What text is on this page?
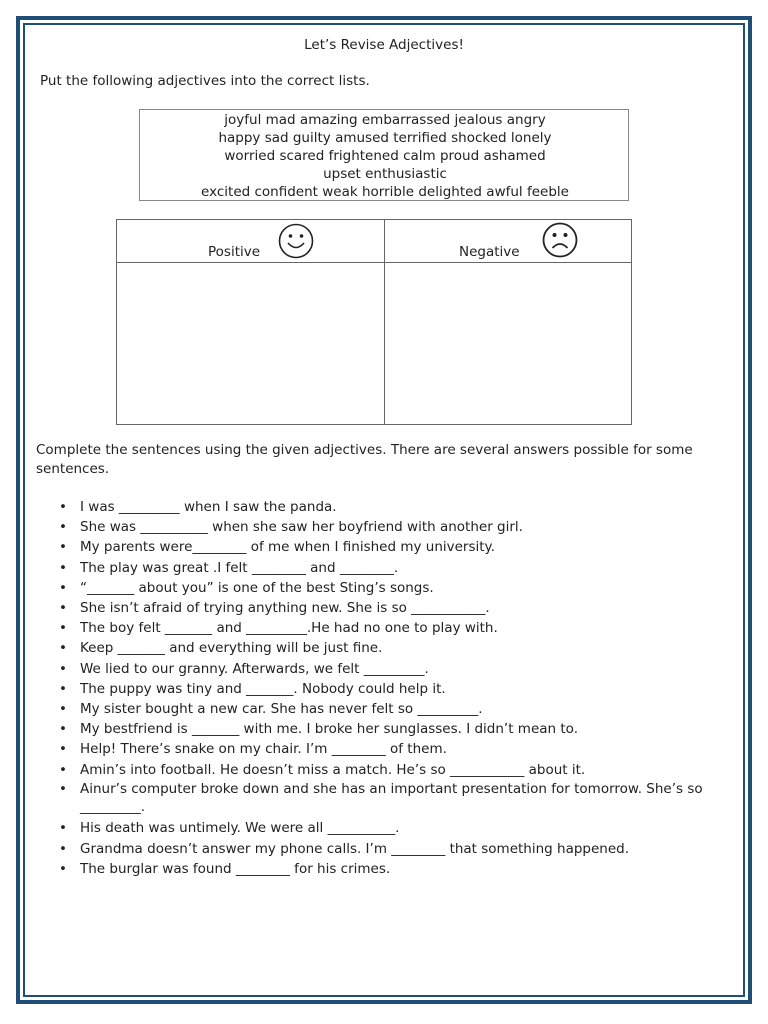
Let’s Revise Adjectives!
Put the following adjectives into the correct lists.
joyful mad amazing embarrassed jealous angry
happy sad guilty amused terrified shocked lonely
worried scared frightened calm proud ashamed
upset enthusiastic
excited confident weak horrible delighted awful feeble
Positive	Negative
Complete the sentences using the given adjectives. There are several answers possible for some sentences.
• I was _________ when I saw the panda.
• She was __________ when she saw her boyfriend with another girl.
• My parents were________ of me when I finished my university.
• The play was great .I felt ________ and ________.
• “_______ about you” is one of the best Sting’s songs.
• She isn’t afraid of trying anything new. She is so ___________.
• The boy felt _______ and _________.He had no one to play with.
• Keep _______ and everything will be just fine.
• We lied to our granny. Afterwards, we felt _________.
• The puppy was tiny and _______. Nobody could help it.
• My sister bought a new car. She has never felt so _________.
• My bestfriend is _______ with me. I broke her sunglasses. I didn’t mean to.
• Help! There’s snake on my chair. I’m ________ of them.
• Amin’s into football. He doesn’t miss a match. He’s so ___________ about it.
• Ainur’s computer broke down and she has an important presentation for tomorrow. She’s so _________.
• His death was untimely. We were all __________.
• Grandma doesn’t answer my phone calls. I’m ________ that something happened.
• The burglar was found ________ for his crimes.
